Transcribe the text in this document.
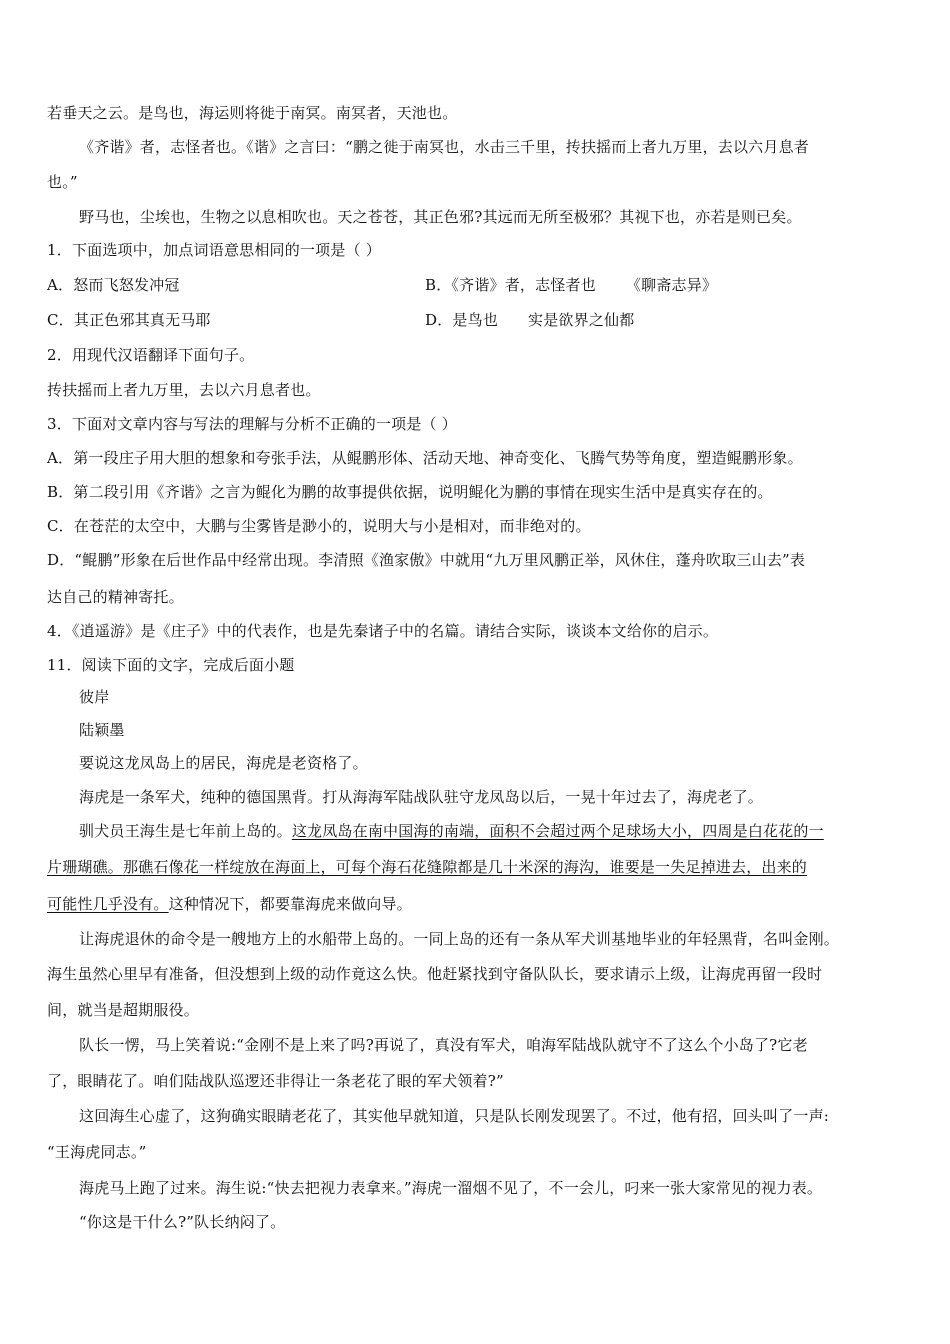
若垂天之云。是鸟也，海运则将徙于南冥。南冥者，天池也。
《齐谐》者，志怪者也。《谐》之言曰：“鹏之徙于南冥也，水击三千里，抟扶摇而上者九万里，去以六月息者
也。”
野马也，尘埃也，生物之以息相吹也。天之苍苍，其正色邪?其远而无所至极邪？其视下也，亦若是则已矣。
1．下面选项中，加点词语意思相同的一项是（ ）
A．怒而飞怒发冲冠	B．《齐谐》者，志怪者也 《聊斋志异》
C．其正色邪其真无马耶	D．是鸟也 实是欲界之仙都
2．用现代汉语翻译下面句子。
抟扶摇而上者九万里，去以六月息者也。
3．下面对文章内容与写法的理解与分析不正确的一项是（ ）
A．第一段庄子用大胆的想象和夸张手法，从鲲鹏形体、活动天地、神奇变化、飞腾气势等角度，塑造鲲鹏形象。
B．第二段引用《齐谐》之言为鲲化为鹏的故事提供依据，说明鲲化为鹏的事情在现实生活中是真实存在的。
C．在苍茫的太空中，大鹏与尘雾皆是渺小的，说明大与小是相对，而非绝对的。
D．“鲲鹏”形象在后世作品中经常出现。李清照《渔家傲》中就用“九万里风鹏正举，风休住，蓬舟吹取三山去”表
达自己的精神寄托。
4．《逍遥游》是《庄子》中的代表作，也是先秦诸子中的名篇。请结合实际，谈谈本文给你的启示。
11．阅读下面的文字，完成后面小题
彼岸
陆颖墨
要说这龙凤岛上的居民，海虎是老资格了。
海虎是一条军犬，纯种的德国黑背。打从海海军陆战队驻守龙凤岛以后，一晃十年过去了，海虎老了。
驯犬员王海生是七年前上岛的。这龙凤岛在南中国海的南端，面积不会超过两个足球场大小，四周是白花花的一
片珊瑚礁。那礁石像花一样绽放在海面上，可每个海石花缝隙都是几十米深的海沟，谁要是一失足掉进去，出来的
可能性几乎没有。这种情况下，都要靠海虎来做向导。
让海虎退休的命令是一艘地方上的水船带上岛的。一同上岛的还有一条从军犬训基地毕业的年轻黑背，名叫金刚。
海生虽然心里早有准备，但没想到上级的动作竟这么快。他赶紧找到守备队队长，要求请示上级，让海虎再留一段时
间，就当是超期服役。
队长一愣，马上笑着说:“金刚不是上来了吗?再说了，真没有军犬，咱海军陆战队就守不了这么个小岛了?它老
了，眼睛花了。咱们陆战队巡逻还非得让一条老花了眼的军犬领着?”
这回海生心虚了，这狗确实眼睛老花了，其实他早就知道，只是队长刚发现罢了。不过，他有招，回头叫了一声:
“王海虎同志。”
海虎马上跑了过来。海生说:“快去把视力表拿来。”海虎一溜烟不见了，不一会儿，叼来一张大家常见的视力表。
“你这是干什么?”队长纳闷了。
